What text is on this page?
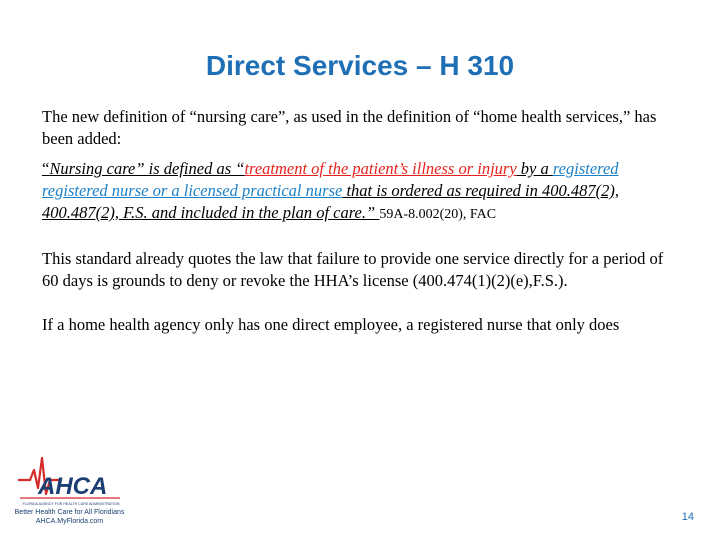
Direct Services – H 310

The new definition of “nursing care”, as used in the definition of “home health services,” has been added:

“Nursing care” is defined as “treatment of the patient’s illness or injury by a registered registered nurse or a licensed practical nurse that is ordered as required in 400.487(2), 400.487(2), F.S. and included in the plan of care.” 59A-8.002(20), FAC

This standard already quotes the law that failure to provide one service directly for a period of 60 days is grounds to deny or revoke the HHA’s license (400.474(1)(2)(e),F.S.).

If a home health agency only has one direct employee, a registered nurse that only does

AHCA
FLORIDA AGENCY FOR HEALTH CARE ADMINISTRATION
Better Health Care for All Floridians
AHCA.MyFlorida.com	14
